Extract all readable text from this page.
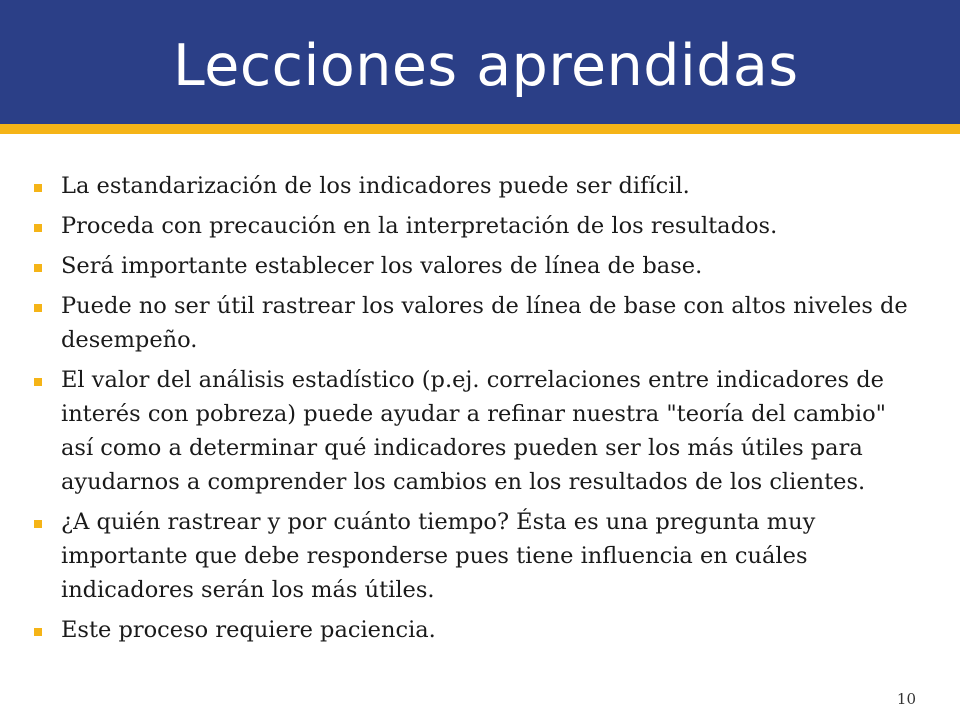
Lecciones aprendidas
La estandarización de los indicadores puede ser difícil.
Proceda con precaución en la interpretación de los resultados.
Será importante establecer los valores de línea de base.
Puede no ser útil rastrear los valores de línea de base con altos niveles de desempeño.
El valor del análisis estadístico (p.ej. correlaciones entre indicadores de interés con pobreza) puede ayudar a refinar nuestra "teoría del cambio" así como a determinar qué indicadores pueden ser los más útiles para ayudarnos a comprender los cambios en los resultados de los clientes.
¿A quién rastrear y por cuánto tiempo? Ésta es una pregunta muy importante que debe responderse pues tiene influencia en cuáles indicadores serán los más útiles.
Este proceso requiere paciencia.
10
